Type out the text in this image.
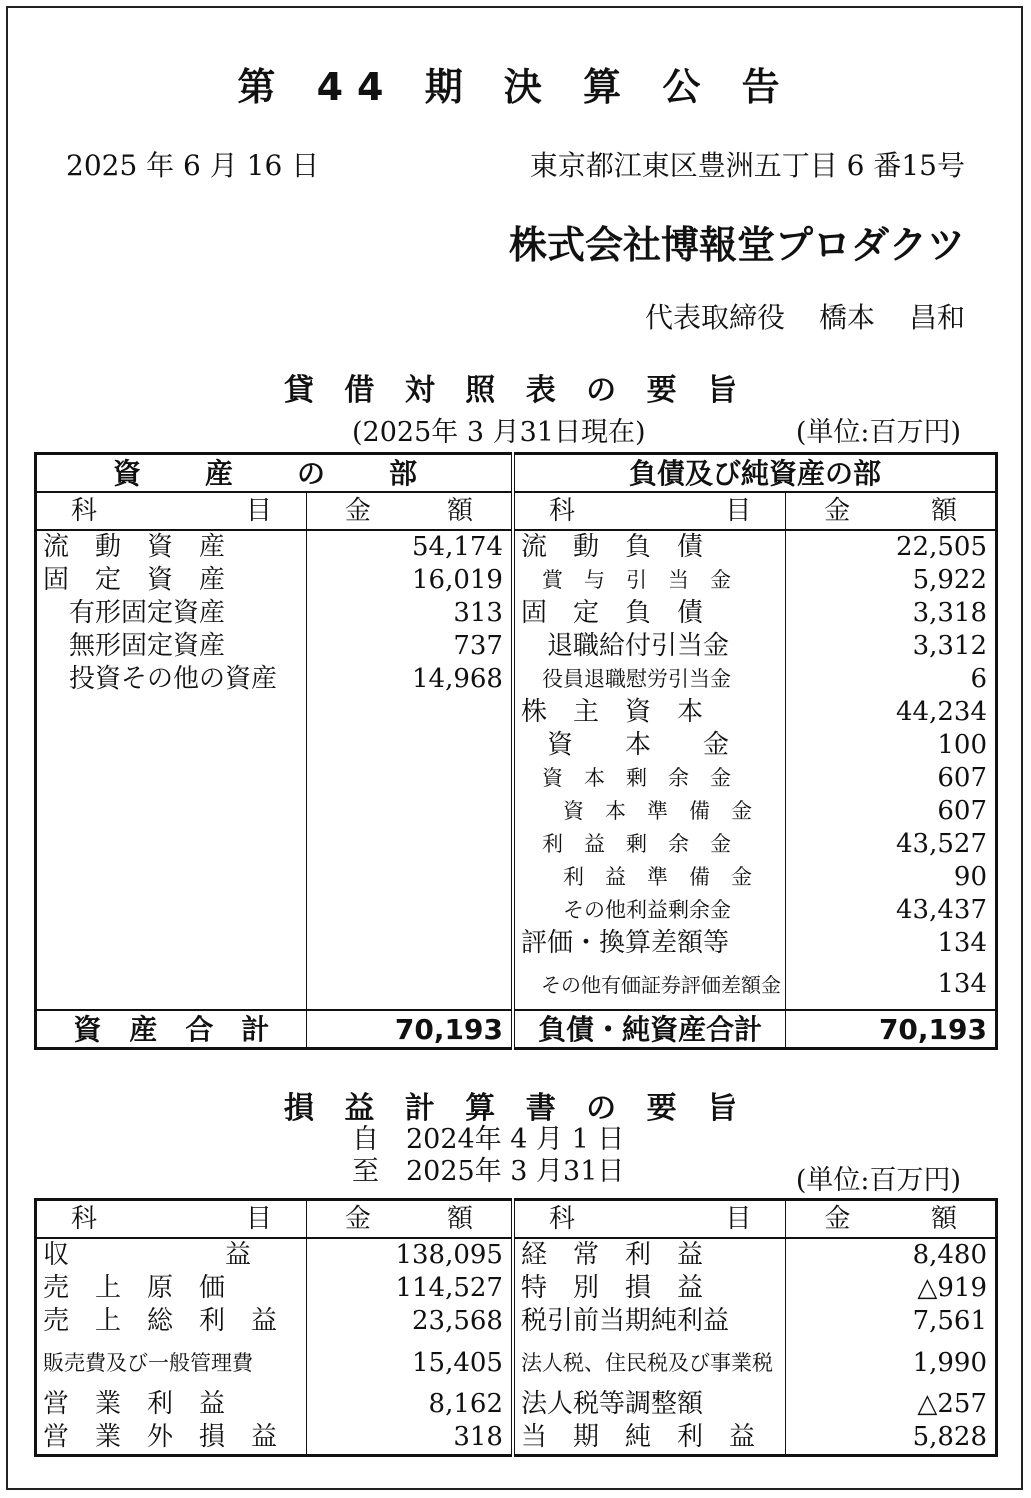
第 44 期 決 算 公 告
2025 年 6 月 16 日	東京都江東区豊洲五丁目 6 番15号
株式会社博報堂プロダクツ
代表取締役 橋本 昌和
貸 借 対 照 表 の 要 旨
(2025年 3 月31日現在)	(単位:百万円)
資　産　の　部		負債及び純資産の部	

科 目	金 額	科 目	金 額

流　動　資　産	54,174	流　動　負　債	22,505
固　定　資　産	16,019	　賞　与　引　当　金	5,922
　有形固定資産	313	固　定　負　債	3,318
　無形固定資産	737	　退職給付引当金	3,312
　投資その他の資産	14,968	　役員退職慰労引当金	6
		株　主　資　本	44,234
		　資　　本　　金	100
		　資　本　剰　余　金	607
		　　資　本　準　備　金	607
		　利　益　剰　余　金	43,527
		　　利　益　準　備　金	90
		　　その他利益剰余金	43,437
		評価・換算差額等	134
		　その他有価証券評価差額金	134
資　産　合　計	70,193	負債・純資産合計	70,193
損 益 計 算 書 の 要 旨
自　2024年 4 月 1 日
至　2025年 3 月31日	(単位:百万円)
科 目	金 額	科 目	金 額

収　　　　　　益	138,095	経　常　利　益	8,480
売　上　原　価	114,527	特　別　損　益	△919
売　上　総　利　益	23,568	税引前当期純利益	7,561
販売費及び一般管理費	15,405	法人税、住民税及び事業税	1,990
営　業　利　益	8,162	法人税等調整額	△257
営　業　外　損　益	318	当　期　純　利　益	5,828
